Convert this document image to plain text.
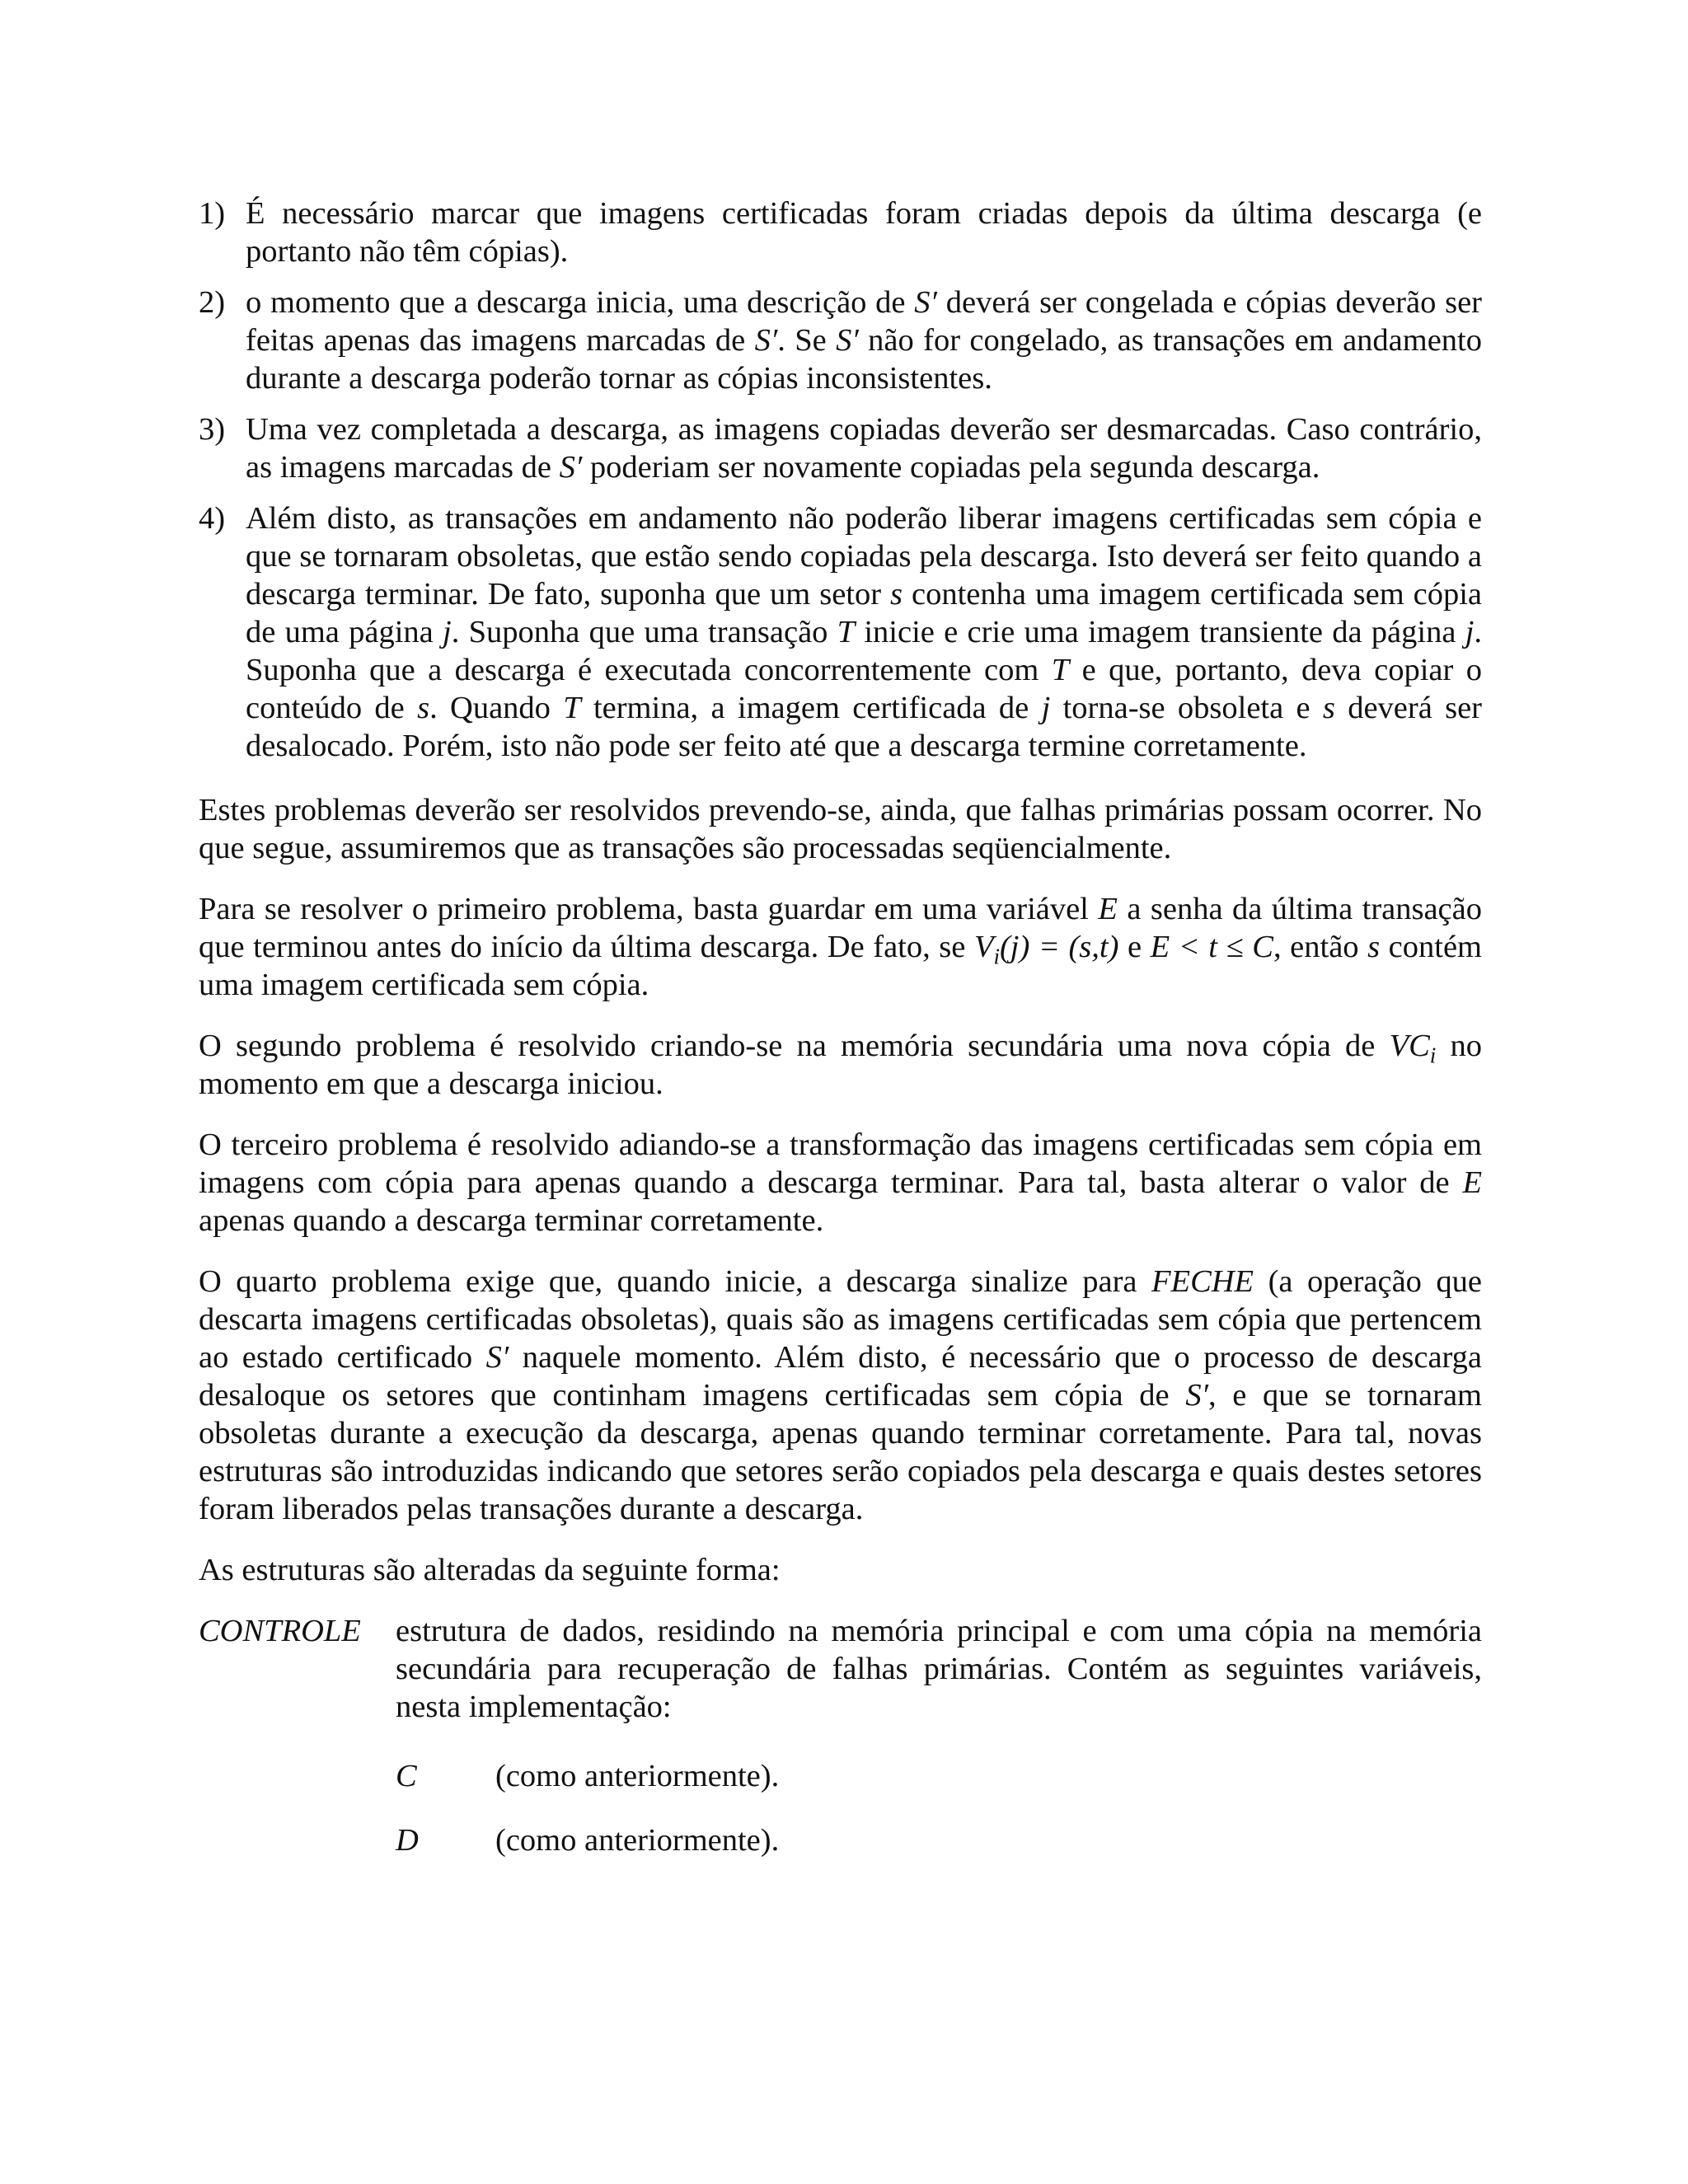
1) É necessário marcar que imagens certificadas foram criadas depois da última descarga (e portanto não têm cópias).
2) o momento que a descarga inicia, uma descrição de S′ deverá ser congelada e cópias deverão ser feitas apenas das imagens marcadas de S′. Se S′ não for congelado, as transações em andamento durante a descarga poderão tornar as cópias inconsistentes.
3) Uma vez completada a descarga, as imagens copiadas deverão ser desmarcadas. Caso contrário, as imagens marcadas de S′ poderiam ser novamente copiadas pela segunda descarga.
4) Além disto, as transações em andamento não poderão liberar imagens certificadas sem cópia e que se tornaram obsoletas, que estão sendo copiadas pela descarga. Isto deverá ser feito quando a descarga terminar. De fato, suponha que um setor s contenha uma imagem certificada sem cópia de uma página j. Suponha que uma transação T inicie e crie uma imagem transiente da página j. Suponha que a descarga é executada concorrentemente com T e que, portanto, deva copiar o conteúdo de s. Quando T termina, a imagem certificada de j torna-se obsoleta e s deverá ser desalocado. Porém, isto não pode ser feito até que a descarga termine corretamente.

Estes problemas deverão ser resolvidos prevendo-se, ainda, que falhas primárias possam ocorrer. No que segue, assumiremos que as transações são processadas seqüencialmente.

Para se resolver o primeiro problema, basta guardar em uma variável E a senha da última transação que terminou antes do início da última descarga. De fato, se $V_i(j) = (s,t)$ e E < t ≤ C, então s contém uma imagem certificada sem cópia.

O segundo problema é resolvido criando-se na memória secundária uma nova cópia de $VC_i$ no momento em que a descarga iniciou.

O terceiro problema é resolvido adiando-se a transformação das imagens certificadas sem cópia em imagens com cópia para apenas quando a descarga terminar. Para tal, basta alterar o valor de E apenas quando a descarga terminar corretamente.

O quarto problema exige que, quando inicie, a descarga sinalize para FECHE (a operação que descarta imagens certificadas obsoletas), quais são as imagens certificadas sem cópia que pertencem ao estado certificado S′ naquele momento. Além disto, é necessário que o processo de descarga desaloque os setores que continham imagens certificadas sem cópia de S′, e que se tornaram obsoletas durante a execução da descarga, apenas quando terminar corretamente. Para tal, novas estruturas são introduzidas indicando que setores serão copiados pela descarga e quais destes setores foram liberados pelas transações durante a descarga.

As estruturas são alteradas da seguinte forma:

CONTROLE estrutura de dados, residindo na memória principal e com uma cópia na memória secundária para recuperação de falhas primárias. Contém as seguintes variáveis, nesta implementação:
C (como anteriormente).
D (como anteriormente).
